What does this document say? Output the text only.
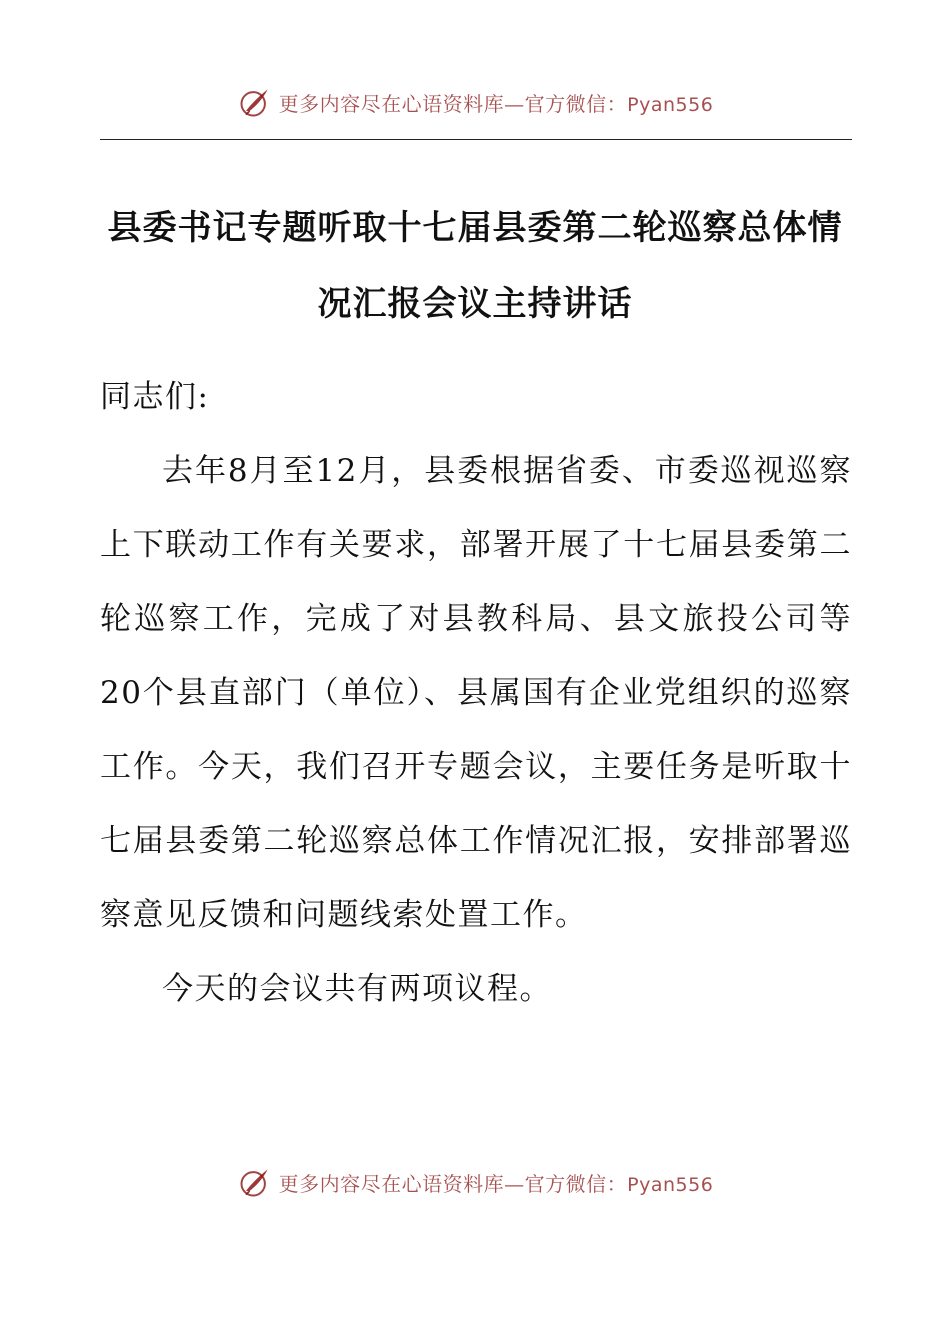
更多内容尽在心语资料库—官方微信：Pyan556
县委书记专题听取十七届县委第二轮巡察总体情
况汇报会议主持讲话

同志们:

去年8月至12月，县委根据省委、市委巡视巡察上下联动工作有关要求，部署开展了十七届县委第二轮巡察工作，完成了对县教科局、县文旅投公司等20个县直部门（单位）、县属国有企业党组织的巡察工作。今天，我们召开专题会议，主要任务是听取十七届县委第二轮巡察总体工作情况汇报，安排部署巡察意见反馈和问题线索处置工作。

今天的会议共有两项议程。

更多内容尽在心语资料库—官方微信：Pyan556
